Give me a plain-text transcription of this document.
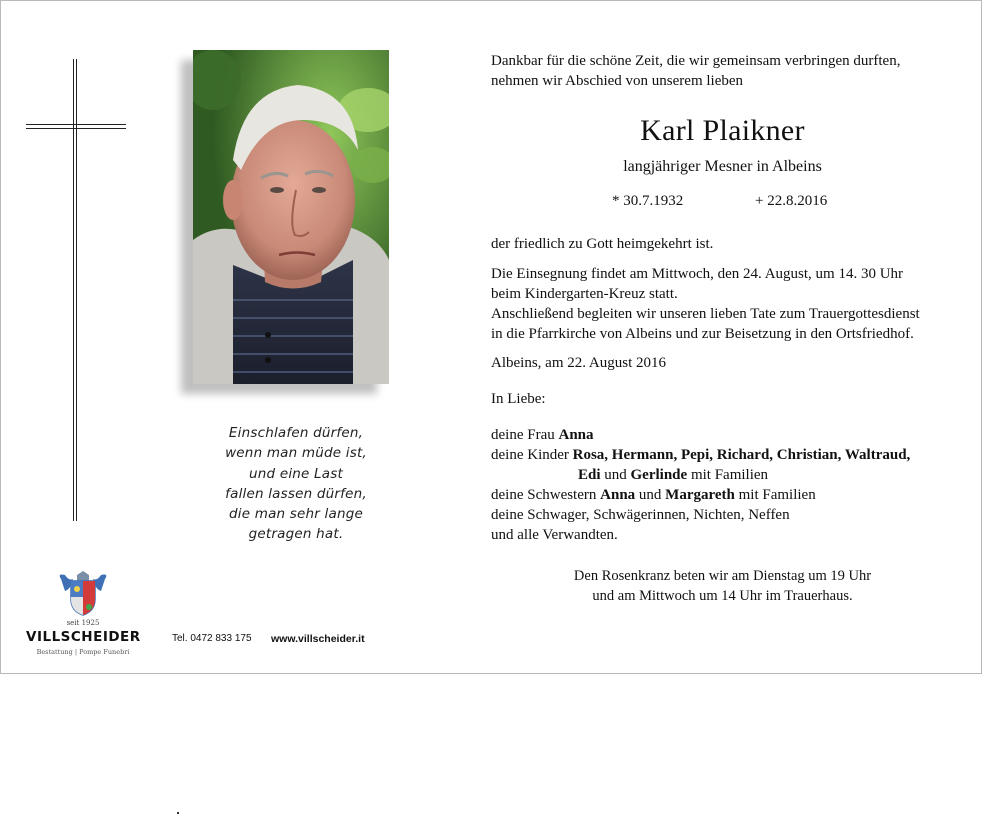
Einschlafen dürfen,
wenn man müde ist,
und eine Last
fallen lassen dürfen,
die man sehr lange
getragen hat.
seit 1925
VILLSCHEIDER
Bestattung | Pompe Funebri
Tel. 0472 833 175 www.villscheider.it
Dankbar für die schöne Zeit, die wir gemeinsam verbringen durften,
nehmen wir Abschied von unserem lieben
Karl Plaikner
langjähriger Mesner in Albeins
* 30.7.1932	+ 22.8.2016
der friedlich zu Gott heimgekehrt ist.
Die Einsegnung findet am Mittwoch, den 24. August, um 14. 30 Uhr
beim Kindergarten-Kreuz statt.
Anschließend begleiten wir unseren lieben Tate zum Trauergottesdienst
in die Pfarrkirche von Albeins und zur Beisetzung in den Ortsfriedhof.
Albeins, am 22. August 2016
In Liebe:
deine Frau Anna
deine Kinder Rosa, Hermann, Pepi, Richard, Christian, Waltraud,
Edi und Gerlinde mit Familien
deine Schwestern Anna und Margareth mit Familien
deine Schwager, Schwägerinnen, Nichten, Neffen
und alle Verwandten.
Den Rosenkranz beten wir am Dienstag um 19 Uhr
und am Mittwoch um 14 Uhr im Trauerhaus.
